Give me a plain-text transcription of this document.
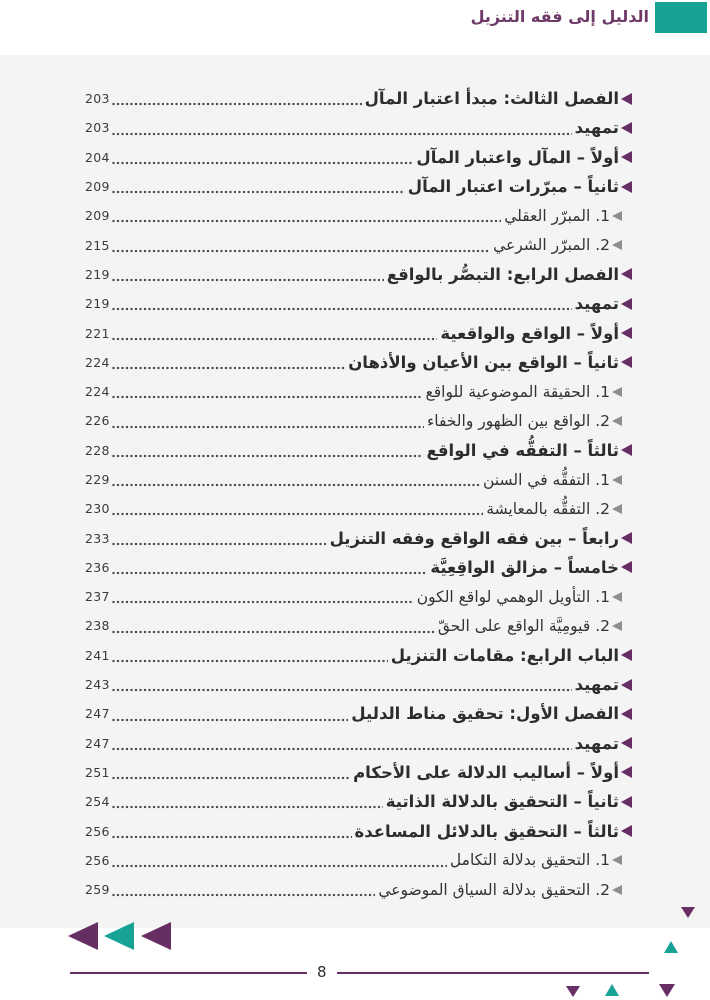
الدليل إلى فقه التنزيل
الفصل الثالث: مبدأ اعتبار المآل
203
تمهيد
203
أولاً – المآل واعتبار المآل
204
ثانياً – مبرّرات اعتبار المآل
209
1. المبرّر العقلي
209
2. المبرّر الشرعي
215
الفصل الرابع: التبصُّر بالواقع
219
تمهيد
219
أولاً – الواقع والواقعية
221
ثانياً – الواقع بين الأعيان والأذهان
224
1. الحقيقة الموضوعية للواقع
224
2. الواقع بين الظهور والخفاء
226
ثالثاً – التفقُّه في الواقع
228
1. التفقُّه في السنن
229
2. التفقُّه بالمعايشة
230
رابعاً – بين فقه الواقع وفقه التنزيل
233
خامساً – مزالق الواقِعِيَّة
236
1. التأويل الوهمي لواقع الكون
237
2. قيومِيَّة الواقع على الحقّ
238
الباب الرابع: مقامات التنزيل
241
تمهيد
243
الفصل الأول: تحقيق مناط الدليل
247
تمهيد
247
أولاً – أساليب الدلالة على الأحكام
251
ثانياً – التحقيق بالدلالة الذاتية
254
ثالثاً – التحقيق بالدلائل المساعدة
256
1. التحقيق بدلالة التكامل
256
2. التحقيق بدلالة السياق الموضوعي
259
8
